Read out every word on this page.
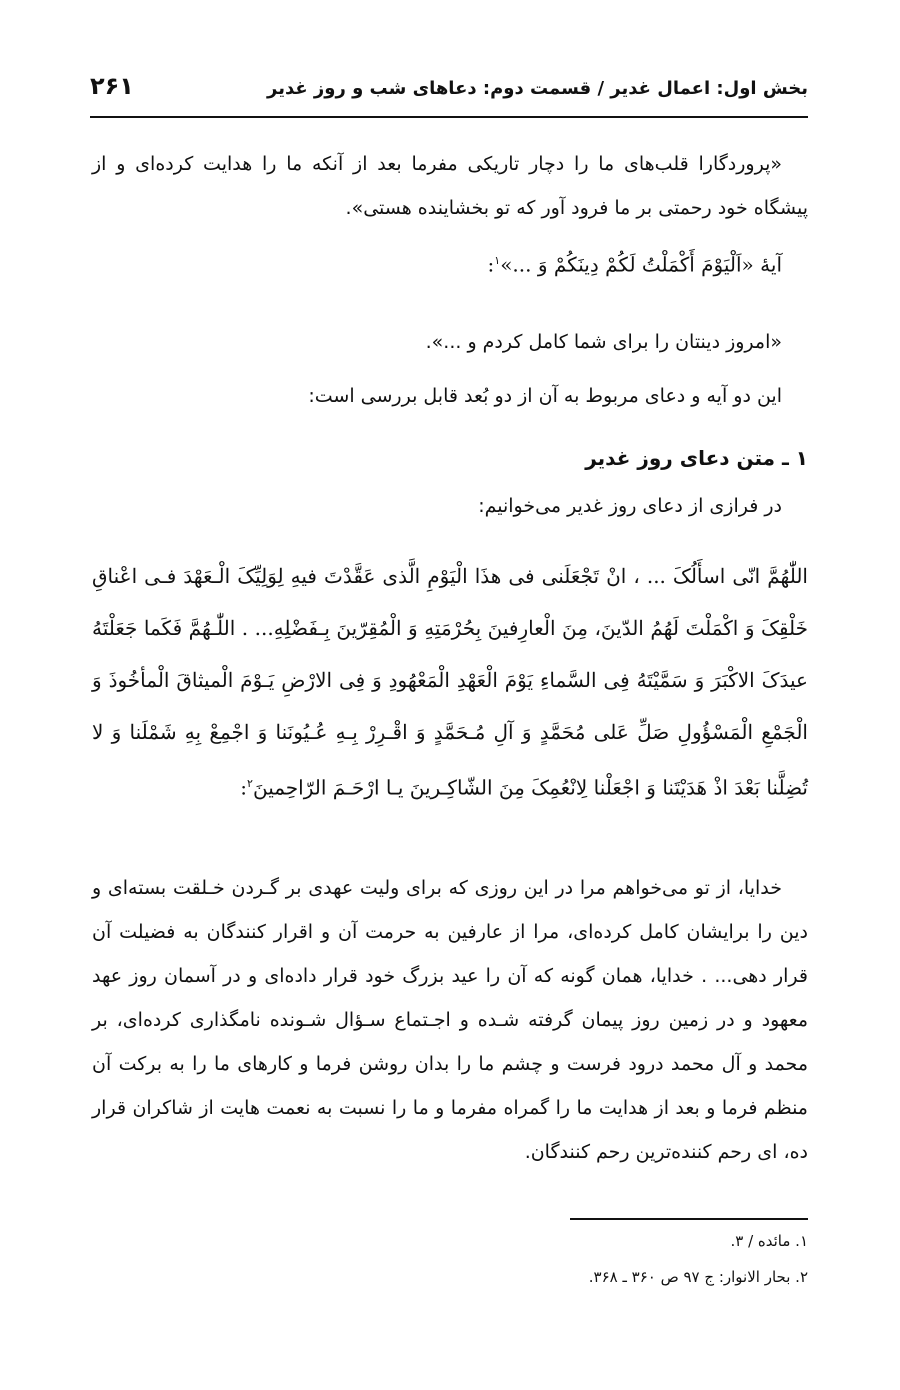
بخش اول: اعمال غدیر / قسمت دوم: دعاهای شب و روز غدیر
۲۶۱
«پروردگارا قلب‌های ما را دچار تاریکی مفرما بعد از آنکه ما را هدایت کرده‌ای و از پیشگاه خود رحمتی بر ما فرود آور که تو بخشاینده هستی».
آیهٔ «اَلْیَوْمَ أَکْمَلْتُ لَکُمْ دِینَکُمْ وَ ...»$^۱$:
«امروز دینتان را برای شما کامل کردم و ...».
این دو آیه و دعای مربوط به آن از دو بُعد قابل بررسی است:
۱ ـ متن دعای روز غدیر
در فرازی از دعای روز غدیر می‌خوانیم:
اللّٰهُمَّ انّی اسأَلُکَ ... ، انْ تَجْعَلَنی فی هذَا الْیَوْمِ الَّذی عَقَّدْتَ فیهِ لِوَلِیِّکَ الْـعَهْدَ فـی اعْناقِ خَلْقِکَ وَ اکْمَلْتَ لَهُمُ الدّینَ، مِنَ الْعارِفینَ بِحُرْمَتِهِ وَ الْمُقِرّینَ بِـفَضْلِهِ... . اللّٰـهُمَّ فَکَما جَعَلْتَهُ عیدَکَ الاکْبَرَ وَ سَمَّیْتَهُ فِی السَّماءِ یَوْمَ الْعَهْدِ الْمَعْهُودِ وَ فِی الارْضِ یَـوْمَ الْمیثاقَ الْمأخُوذَ وَ الْجَمْعِ الْمَسْؤُولِ صَلِّ عَلی مُحَمَّدٍ وَ آلِ مُـحَمَّدٍ وَ اقْـرِرْ بِـهِ عُـیُونَنا وَ اجْمِعْ بِهِ شَمْلَنا وَ لا تُضِلَّنا بَعْدَ اذْ هَدَیْتَنا وَ اجْعَلْنا لِانْعُمِکَ مِنَ الشّاکِـرینَ یـا ارْحَـمَ الرّاحِمینَ$^۲$:
خدایا، از تو می‌خواهم مرا در این روزی که برای ولیت عهدی بر گـردن خـلقت بسته‌ای و دین را برایشان کامل کرده‌ای، مرا از عارفین به حرمت آن و اقرار کنندگان به فضیلت آن قرار دهی... . خدایا، همان گونه که آن را عید بزرگ خود قرار داده‌ای و در آسمان روز عهد معهود و در زمین روز پیمان گرفته شـده و اجـتماع سـؤال شـونده نامگذاری کرده‌ای، بر محمد و آل محمد درود فرست و چشم ما را بدان روشن فرما و کارهای ما را به برکت آن منظم فرما و بعد از هدایت ما را گمراه مفرما و ما را نسبت به نعمت هایت از شاکران قرار ده، ای رحم کننده‌ترین رحم کنندگان.
۱. مائده / ۳.
۲. بحار الانوار: ج ۹۷ ص ۳۶۰ ـ ۳۶۸.
